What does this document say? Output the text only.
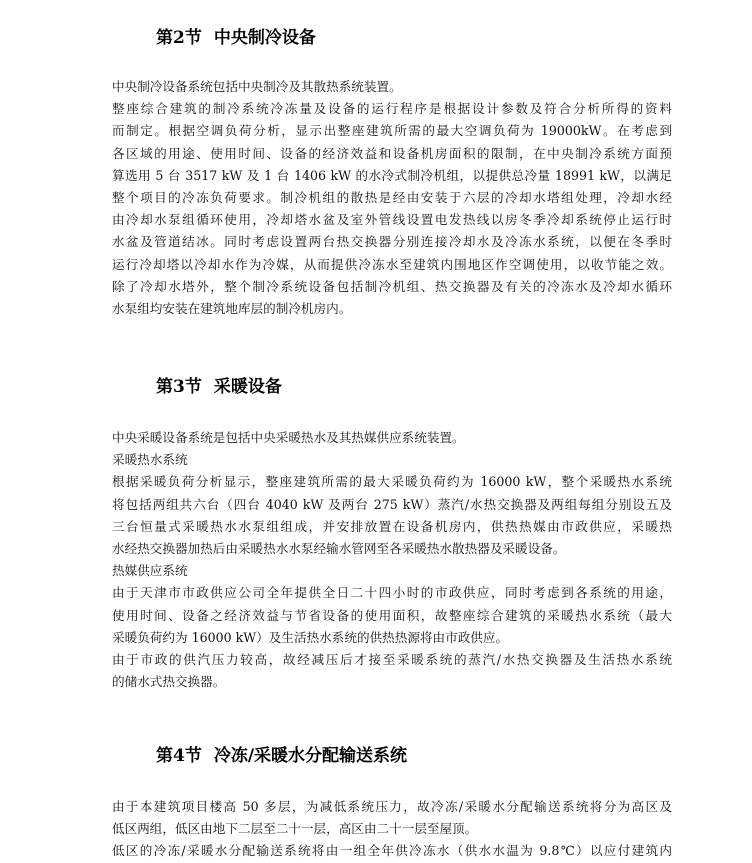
第2节 中央制冷设备
中央制冷设备系统包括中央制冷及其散热系统装置。
整座综合建筑的制冷系统冷冻量及设备的运行程序是根据设计参数及符合分析所得的资料
而制定。根据空调负荷分析，显示出整座建筑所需的最大空调负荷为 19000kW。在考虑到
各区域的用途、使用时间、设备的经济效益和设备机房面积的限制，在中央制冷系统方面预
算选用 5 台 3517 kW 及 1 台 1406 kW 的水冷式制冷机组，以提供总冷量 18991 kW，以满足
整个项目的冷冻负荷要求。制冷机组的散热是经由安装于六层的冷却水塔组处理，冷却水经
由冷却水泵组循环使用，冷却塔水盆及室外管线设置电发热线以房冬季冷却系统停止运行时
水盆及管道结冰。同时考虑设置两台热交换器分别连接冷却水及冷冻水系统，以便在冬季时
运行冷却塔以冷却水作为冷媒，从而提供冷冻水至建筑内围地区作空调使用，以收节能之效。
除了冷却水塔外，整个制冷系统设备包括制冷机组、热交换器及有关的冷冻水及冷却水循环
水泵组均安装在建筑地库层的制冷机房内。
第3节 采暖设备
中央采暖设备系统是包括中央采暖热水及其热媒供应系统装置。
采暖热水系统
根据采暖负荷分析显示，整座建筑所需的最大采暖负荷约为 16000 kW，整个采暖热水系统
将包括两组共六台（四台 4040 kW 及两台 275 kW）蒸汽/水热交换器及两组每组分别设五及
三台恒量式采暖热水水泵组组成，并安排放置在设备机房内，供热热媒由市政供应，采暖热
水经热交换器加热后由采暖热水水泵经输水管网至各采暖热水散热器及采暖设备。
热媒供应系统
由于天津市市政供应公司全年提供全日二十四小时的市政供应，同时考虑到各系统的用途，
使用时间、设备之经济效益与节省设备的使用面积，故整座综合建筑的采暖热水系统（最大
采暖负荷约为 16000 kW）及生活热水系统的供热热源将由市政供应。
由于市政的供汽压力较高，故经减压后才接至采暖系统的蒸汽/水热交换器及生活热水系统
的储水式热交换器。
第4节 冷冻/采暖水分配输送系统
由于本建筑项目楼高 50 多层，为减低系统压力，故冷冻/采暖水分配输送系统将分为高区及
低区两组，低区由地下二层至二十一层，高区由二十一层至屋顶。
低区的冷冻/采暖水分配输送系统将由一组全年供冷冻水（供水水温为 9.8℃）以应付建筑内
